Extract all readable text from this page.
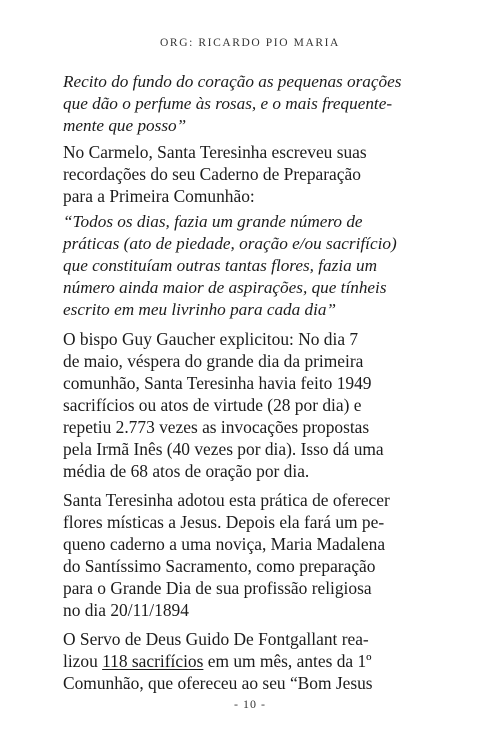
ORG: RICARDO PIO MARIA

Recito do fundo do coração as pequenas orações
que dão o perfume às rosas, e o mais frequente-
mente que posso”

No Carmelo, Santa Teresinha escreveu suas
recordações do seu Caderno de Preparação
para a Primeira Comunhão:

“Todos os dias, fazia um grande número de
práticas (ato de piedade, oração e/ou sacrifício)
que constituíam outras tantas flores, fazia um
número ainda maior de aspirações, que tínheis
escrito em meu livrinho para cada dia”

O bispo Guy Gaucher explicitou: No dia 7
de maio, véspera do grande dia da primeira
comunhão, Santa Teresinha havia feito 1949
sacrifícios ou atos de virtude (28 por dia) e
repetiu 2.773 vezes as invocações propostas
pela Irmã Inês (40 vezes por dia). Isso dá uma
média de 68 atos de oração por dia.

Santa Teresinha adotou esta prática de oferecer
flores místicas a Jesus. Depois ela fará um pe-
queno caderno a uma noviça, Maria Madalena
do Santíssimo Sacramento, como preparação
para o Grande Dia de sua profissão religiosa
no dia 20/11/1894

O Servo de Deus Guido De Fontgallant rea-
lizou 118 sacrifícios em um mês, antes da 1º
Comunhão, que ofereceu ao seu “Bom Jesus

- 10 -
